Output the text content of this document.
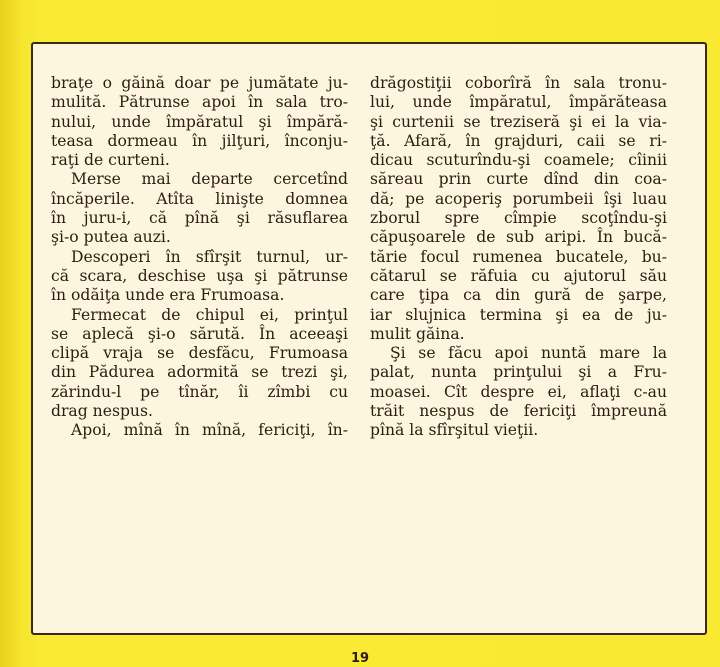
braţe o găină doar pe jumătate ju-
mulită. Pătrunse apoi în sala tro-
nului, unde împăratul şi împără-
teasa dormeau în jilţuri, înconju-
raţi de curteni.
Merse mai departe cercetînd
încăperile. Atîta linişte domnea
în juru-i, că pînă şi răsuflarea
şi-o putea auzi.
Descoperi în sfîrşit turnul, ur-
că scara, deschise uşa şi pătrunse
în odăiţa unde era Frumoasa.
Fermecat de chipul ei, prinţul
se aplecă şi-o sărută. În aceeaşi
clipă vraja se desfăcu, Frumoasa
din Pădurea adormită se trezi şi,
zărindu-l pe tînăr, îi zîmbi cu
drag nespus.
Apoi, mînă în mînă, fericiţi, în-
drăgostiţii coborîră în sala tronu-
lui, unde împăratul, împărăteasa
şi curtenii se treziseră şi ei la via-
ţă. Afară, în grajduri, caii se ri-
dicau scuturîndu-şi coamele; cîinii
săreau prin curte dînd din coa-
dă; pe acoperiş porumbeii îşi luau
zborul spre cîmpie scoţîndu-şi
căpuşoarele de sub aripi. În bucă-
tărie focul rumenea bucatele, bu-
cătarul se răfuia cu ajutorul său
care ţipa ca din gură de şarpe,
iar slujnica termina şi ea de ju-
mulit găina.
Şi se făcu apoi nuntă mare la
palat, nunta prinţului şi a Fru-
moasei. Cît despre ei, aflaţi c-au
trăit nespus de fericiţi împreună
pînă la sfîrşitul vieţii.
19
